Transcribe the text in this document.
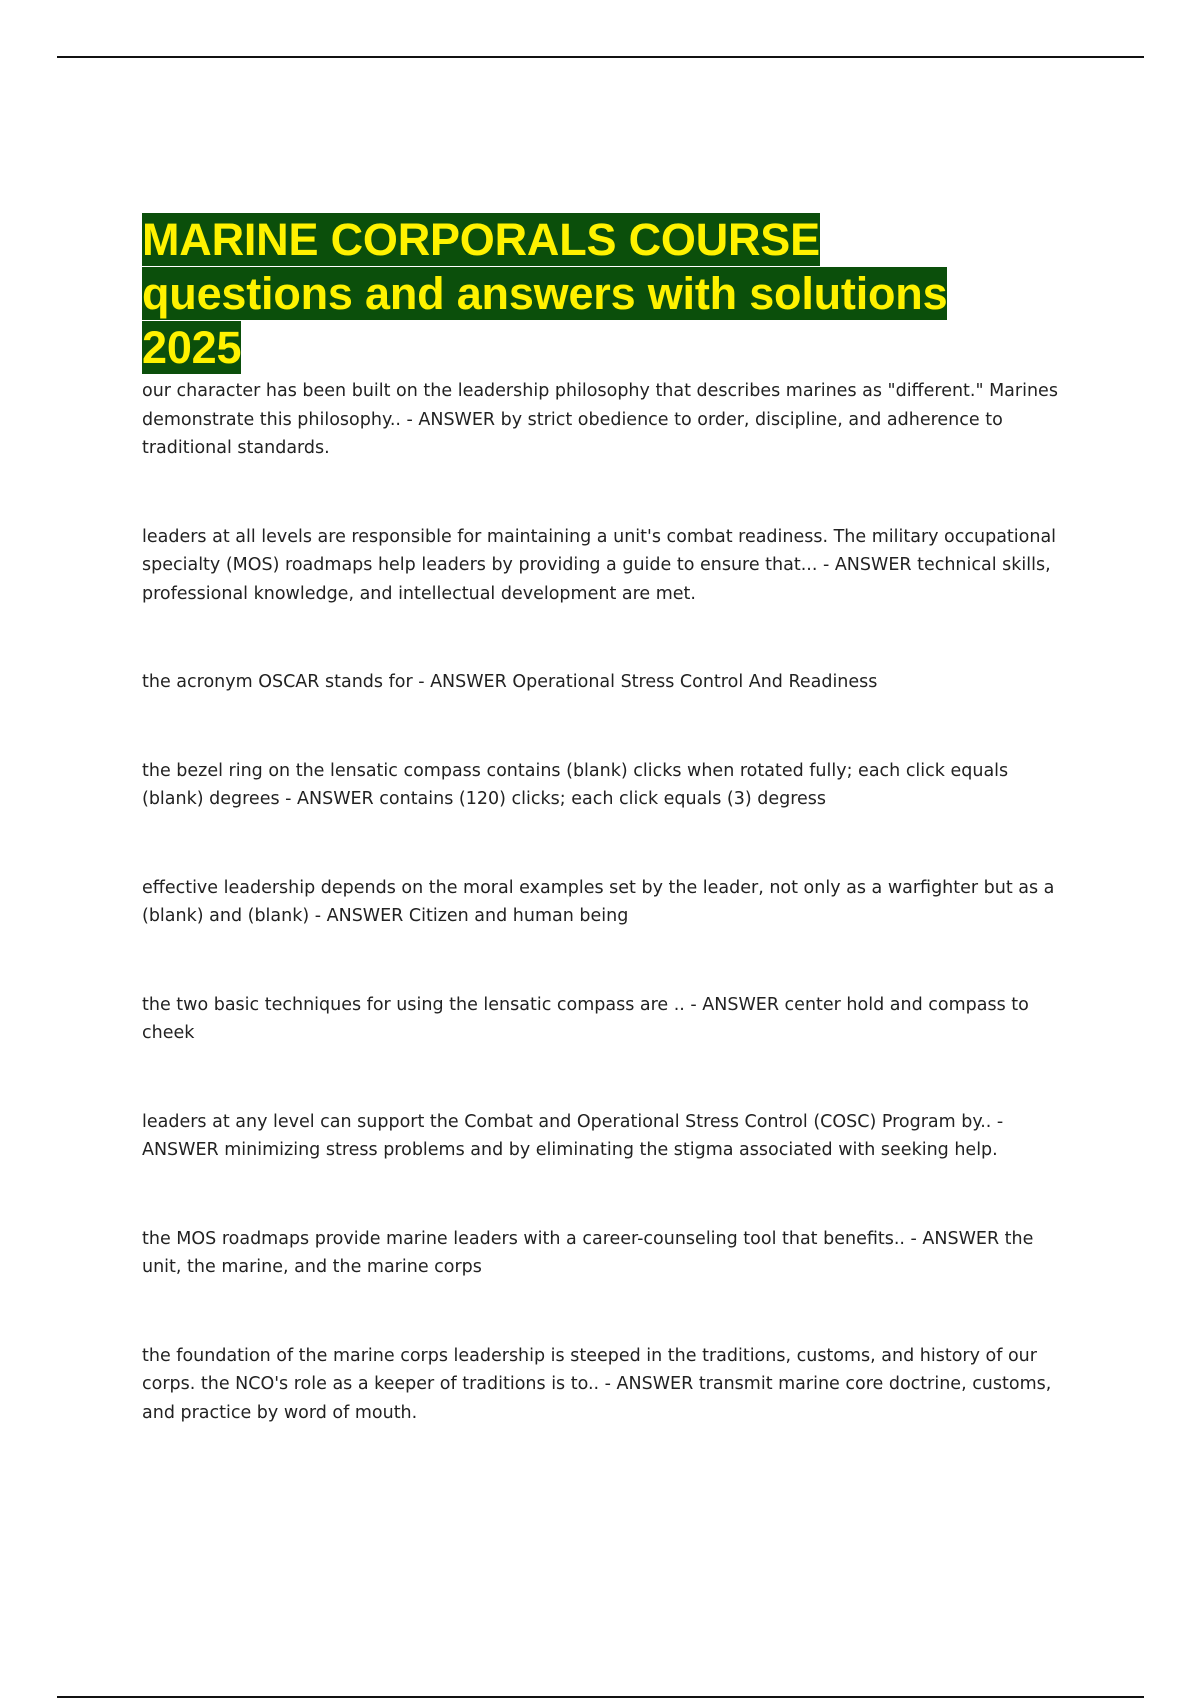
MARINE CORPORALS COURSE
questions and answers with solutions
2025

our character has been built on the leadership philosophy that describes marines as "different." Marines demonstrate this philosophy.. - ANSWER by strict obedience to order, discipline, and adherence to traditional standards.

leaders at all levels are responsible for maintaining a unit's combat readiness. The military occupational specialty (MOS) roadmaps help leaders by providing a guide to ensure that... - ANSWER technical skills, professional knowledge, and intellectual development are met.

the acronym OSCAR stands for - ANSWER Operational Stress Control And Readiness

the bezel ring on the lensatic compass contains (blank) clicks when rotated fully; each click equals (blank) degrees - ANSWER contains (120) clicks; each click equals (3) degress

effective leadership depends on the moral examples set by the leader, not only as a warfighter but as a (blank) and (blank) - ANSWER Citizen and human being

the two basic techniques for using the lensatic compass are .. - ANSWER center hold and compass to cheek

leaders at any level can support the Combat and Operational Stress Control (COSC) Program by.. - ANSWER minimizing stress problems and by eliminating the stigma associated with seeking help.

the MOS roadmaps provide marine leaders with a career-counseling tool that benefits.. - ANSWER the unit, the marine, and the marine corps

the foundation of the marine corps leadership is steeped in the traditions, customs, and history of our corps. the NCO's role as a keeper of traditions is to.. - ANSWER transmit marine core doctrine, customs, and practice by word of mouth.
